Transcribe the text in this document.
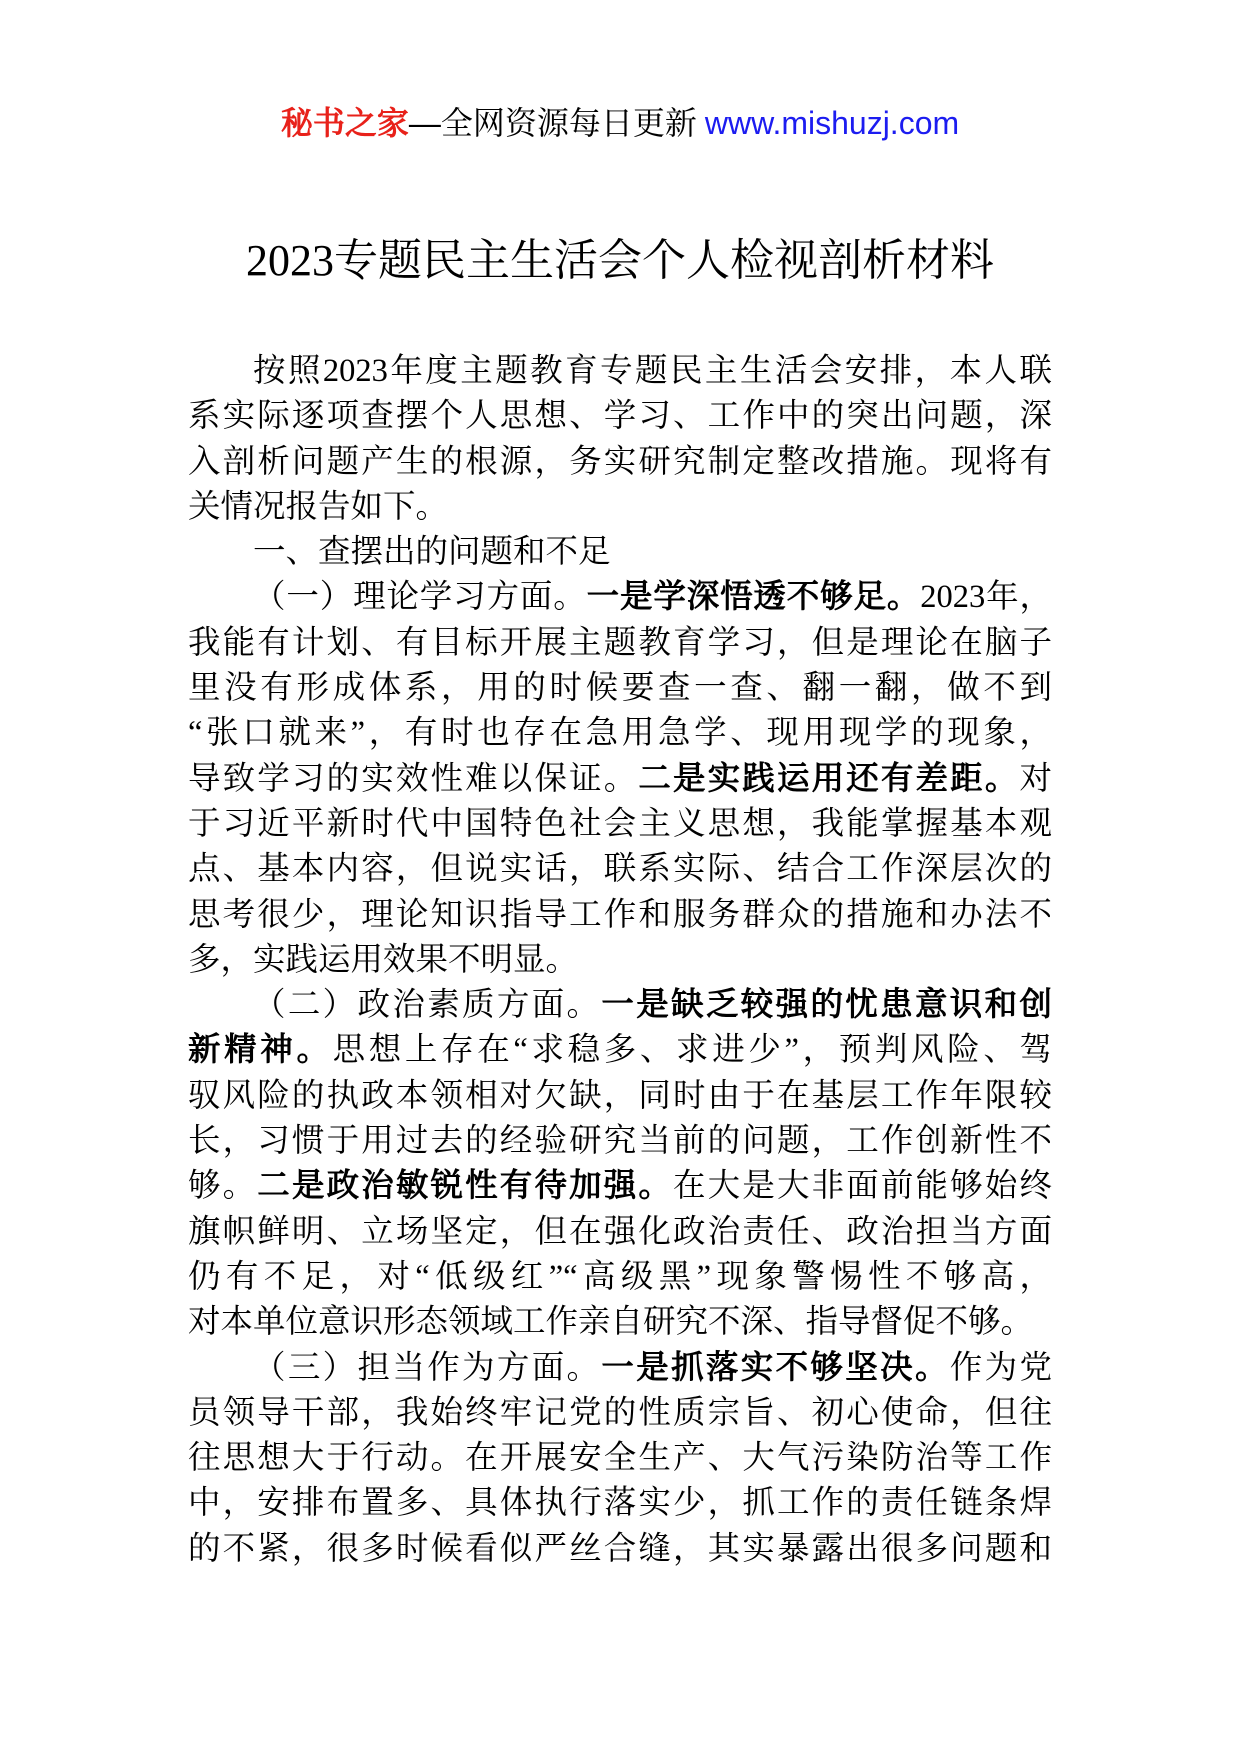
秘书之家—全网资源每日更新 www.mishuzj.com
2023专题民主生活会个人检视剖析材料
按照2023年度主题教育专题民主生活会安排，本人联
系实际逐项查摆个人思想、学习、工作中的突出问题，深
入剖析问题产生的根源，务实研究制定整改措施。现将有
关情况报告如下。
一、查摆出的问题和不足
（一）理论学习方面。一是学深悟透不够足。2023年，
我能有计划、有目标开展主题教育学习，但是理论在脑子
里没有形成体系，用的时候要查一查、翻一翻，做不到
“张口就来”，有时也存在急用急学、现用现学的现象，
导致学习的实效性难以保证。二是实践运用还有差距。对
于习近平新时代中国特色社会主义思想，我能掌握基本观
点、基本内容，但说实话，联系实际、结合工作深层次的
思考很少，理论知识指导工作和服务群众的措施和办法不
多，实践运用效果不明显。
（二）政治素质方面。一是缺乏较强的忧患意识和创
新精神。思想上存在“求稳多、求进少”，预判风险、驾
驭风险的执政本领相对欠缺，同时由于在基层工作年限较
长，习惯于用过去的经验研究当前的问题，工作创新性不
够。二是政治敏锐性有待加强。在大是大非面前能够始终
旗帜鲜明、立场坚定，但在强化政治责任、政治担当方面
仍有不足，对“低级红”“高级黑”现象警惕性不够高，
对本单位意识形态领域工作亲自研究不深、指导督促不够。
（三）担当作为方面。一是抓落实不够坚决。作为党
员领导干部，我始终牢记党的性质宗旨、初心使命，但往
往思想大于行动。在开展安全生产、大气污染防治等工作
中，安排布置多、具体执行落实少，抓工作的责任链条焊
的不紧，很多时候看似严丝合缝，其实暴露出很多问题和
